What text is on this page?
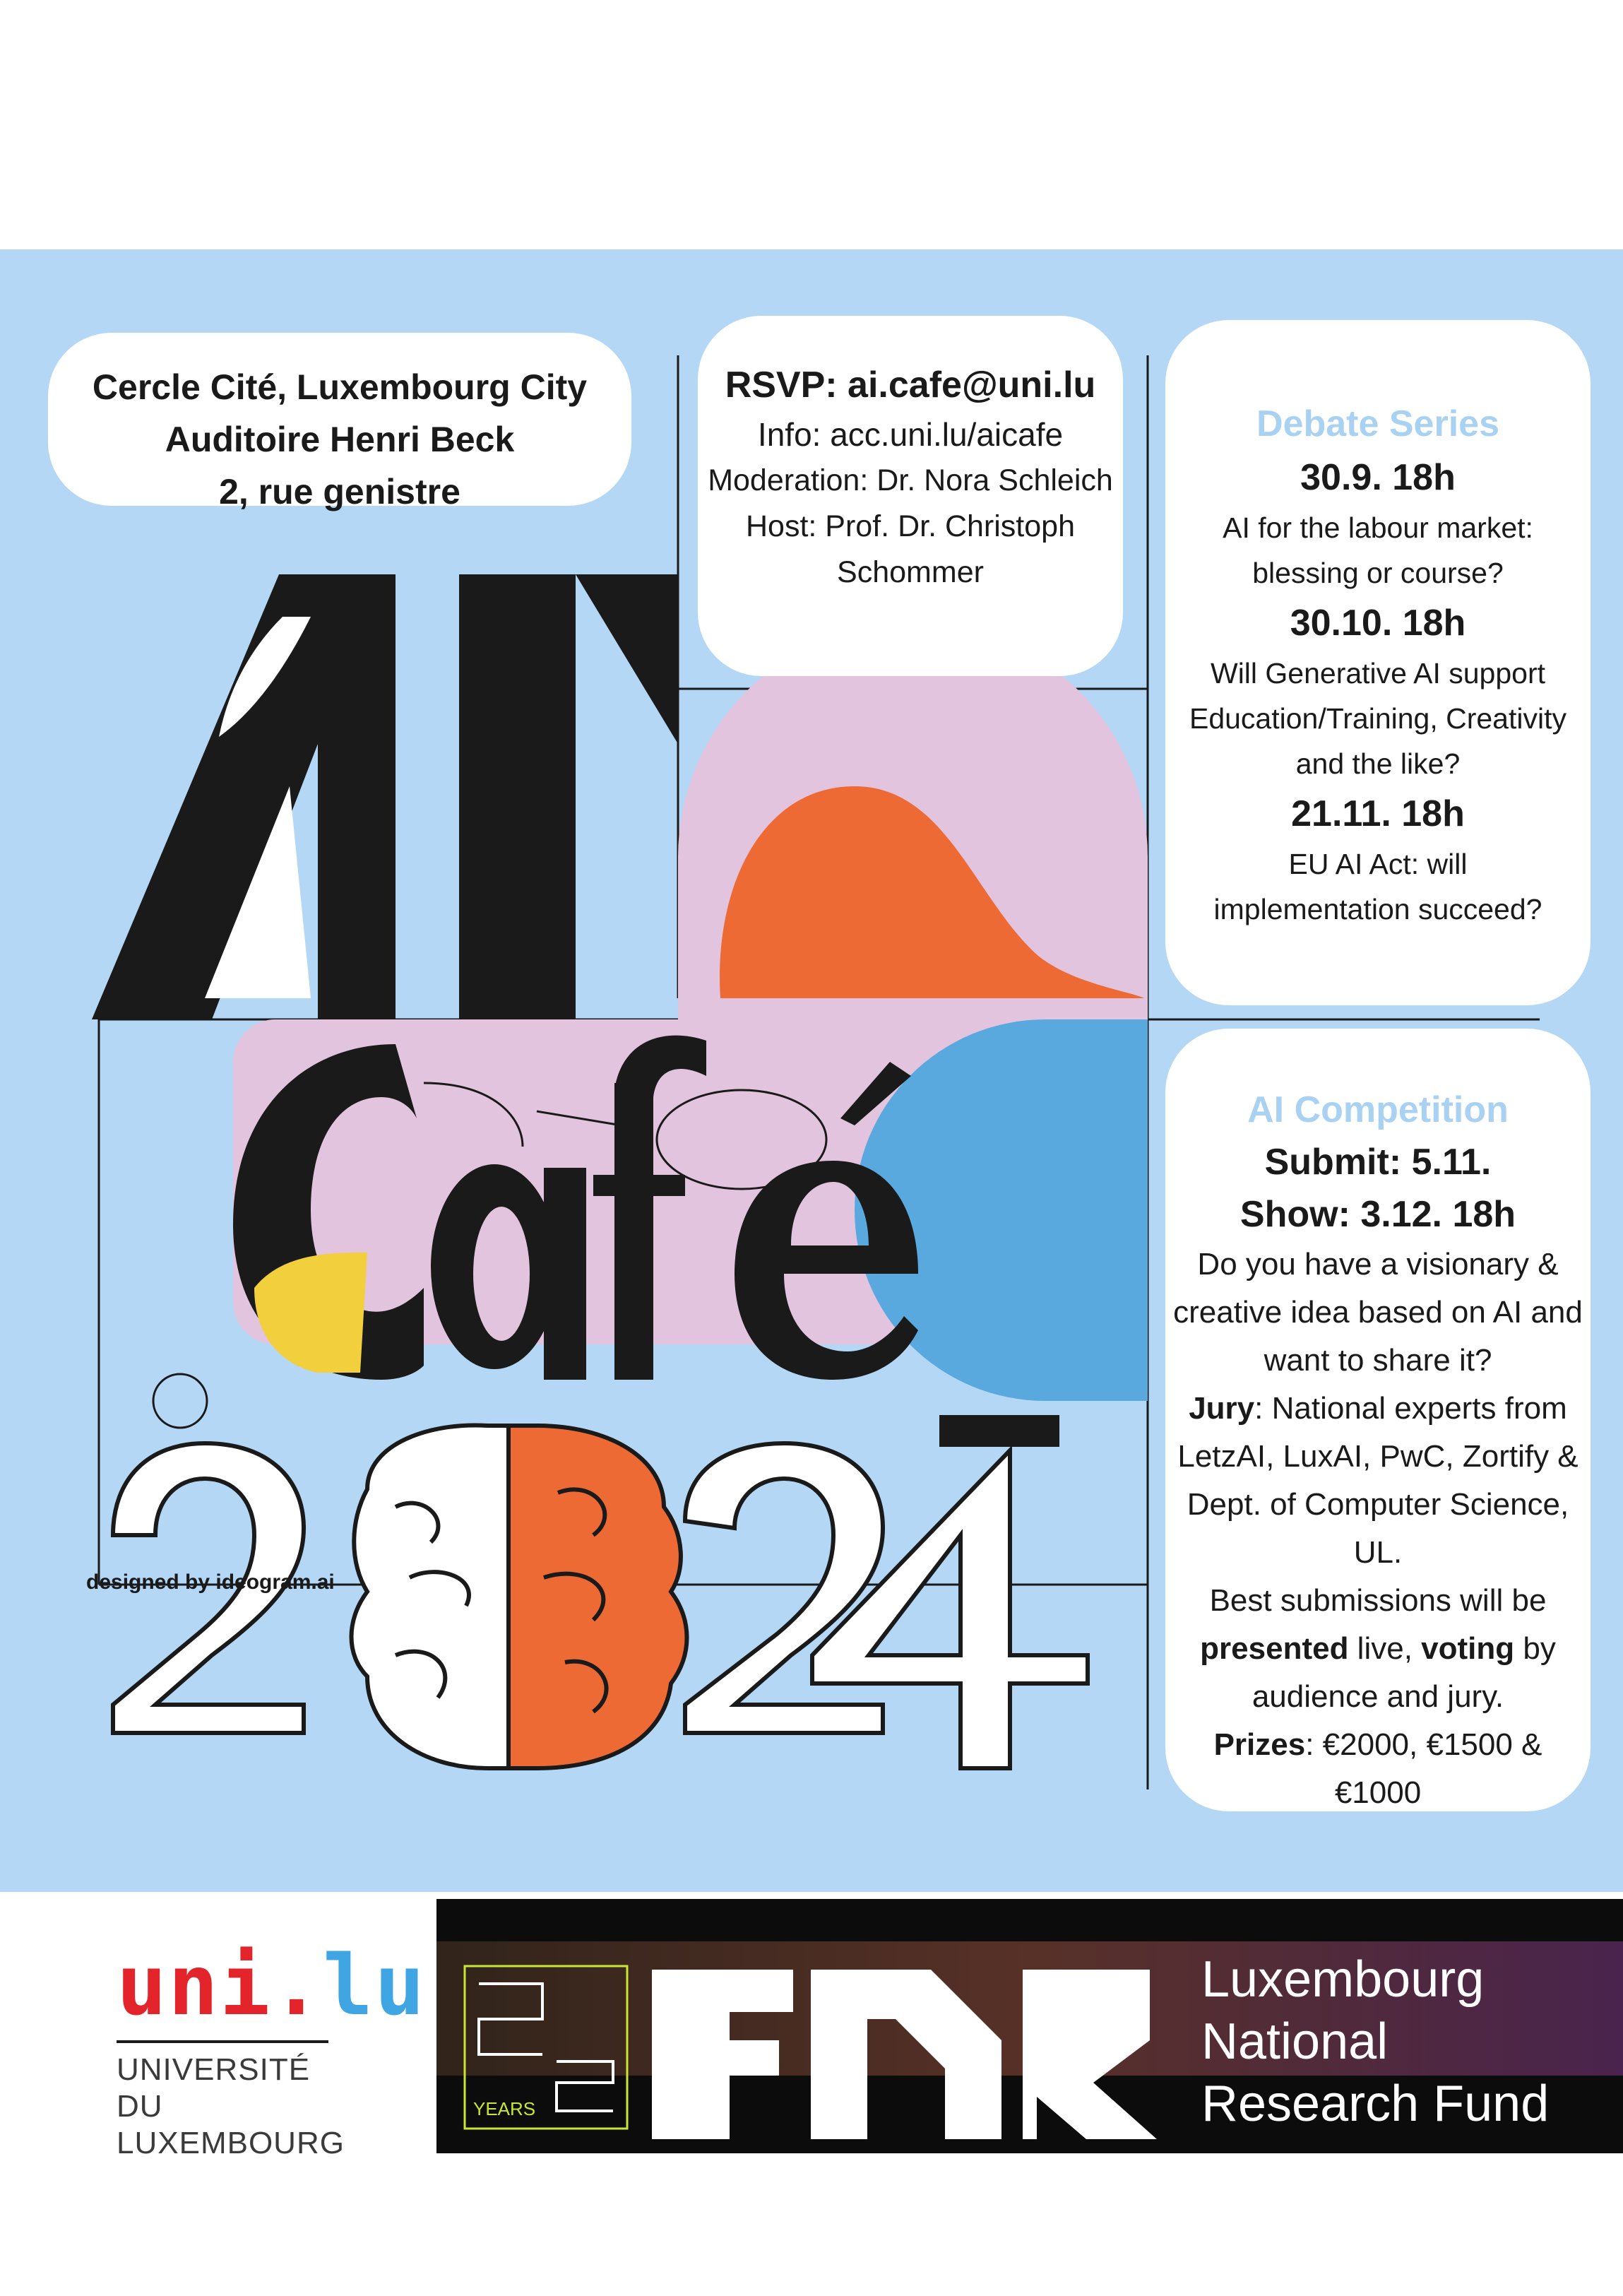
Cercle Cité, Luxembourg City
Auditoire Henri Beck
2, rue genistre
RSVP: ai.cafe@uni.lu
Info: acc.uni.lu/aicafe
Moderation: Dr. Nora Schleich
Host: Prof. Dr. Christoph
Schommer
Debate Series
30.9. 18h
AI for the labour market:
blessing or course?
30.10. 18h
Will Generative AI support
Education/Training, Creativity
and the like?
21.11. 18h
EU AI Act: will
implementation succeed?
AI Competition
Submit: 5.11.
Show: 3.12. 18h
Do you have a visionary &
creative idea based on AI and
want to share it?
Jury: National experts from
LetzAI, LuxAI, PwC, Zortify &
Dept. of Computer Science, UL.
Best submissions will be
presented live, voting by
audience and jury.
Prizes: €2000, €1500 &
€1000
designed by ideogram.ai
uni.lu
UNIVERSITÉ DU
LUXEMBOURG
YEARS
Luxembourg
National
Research Fund
